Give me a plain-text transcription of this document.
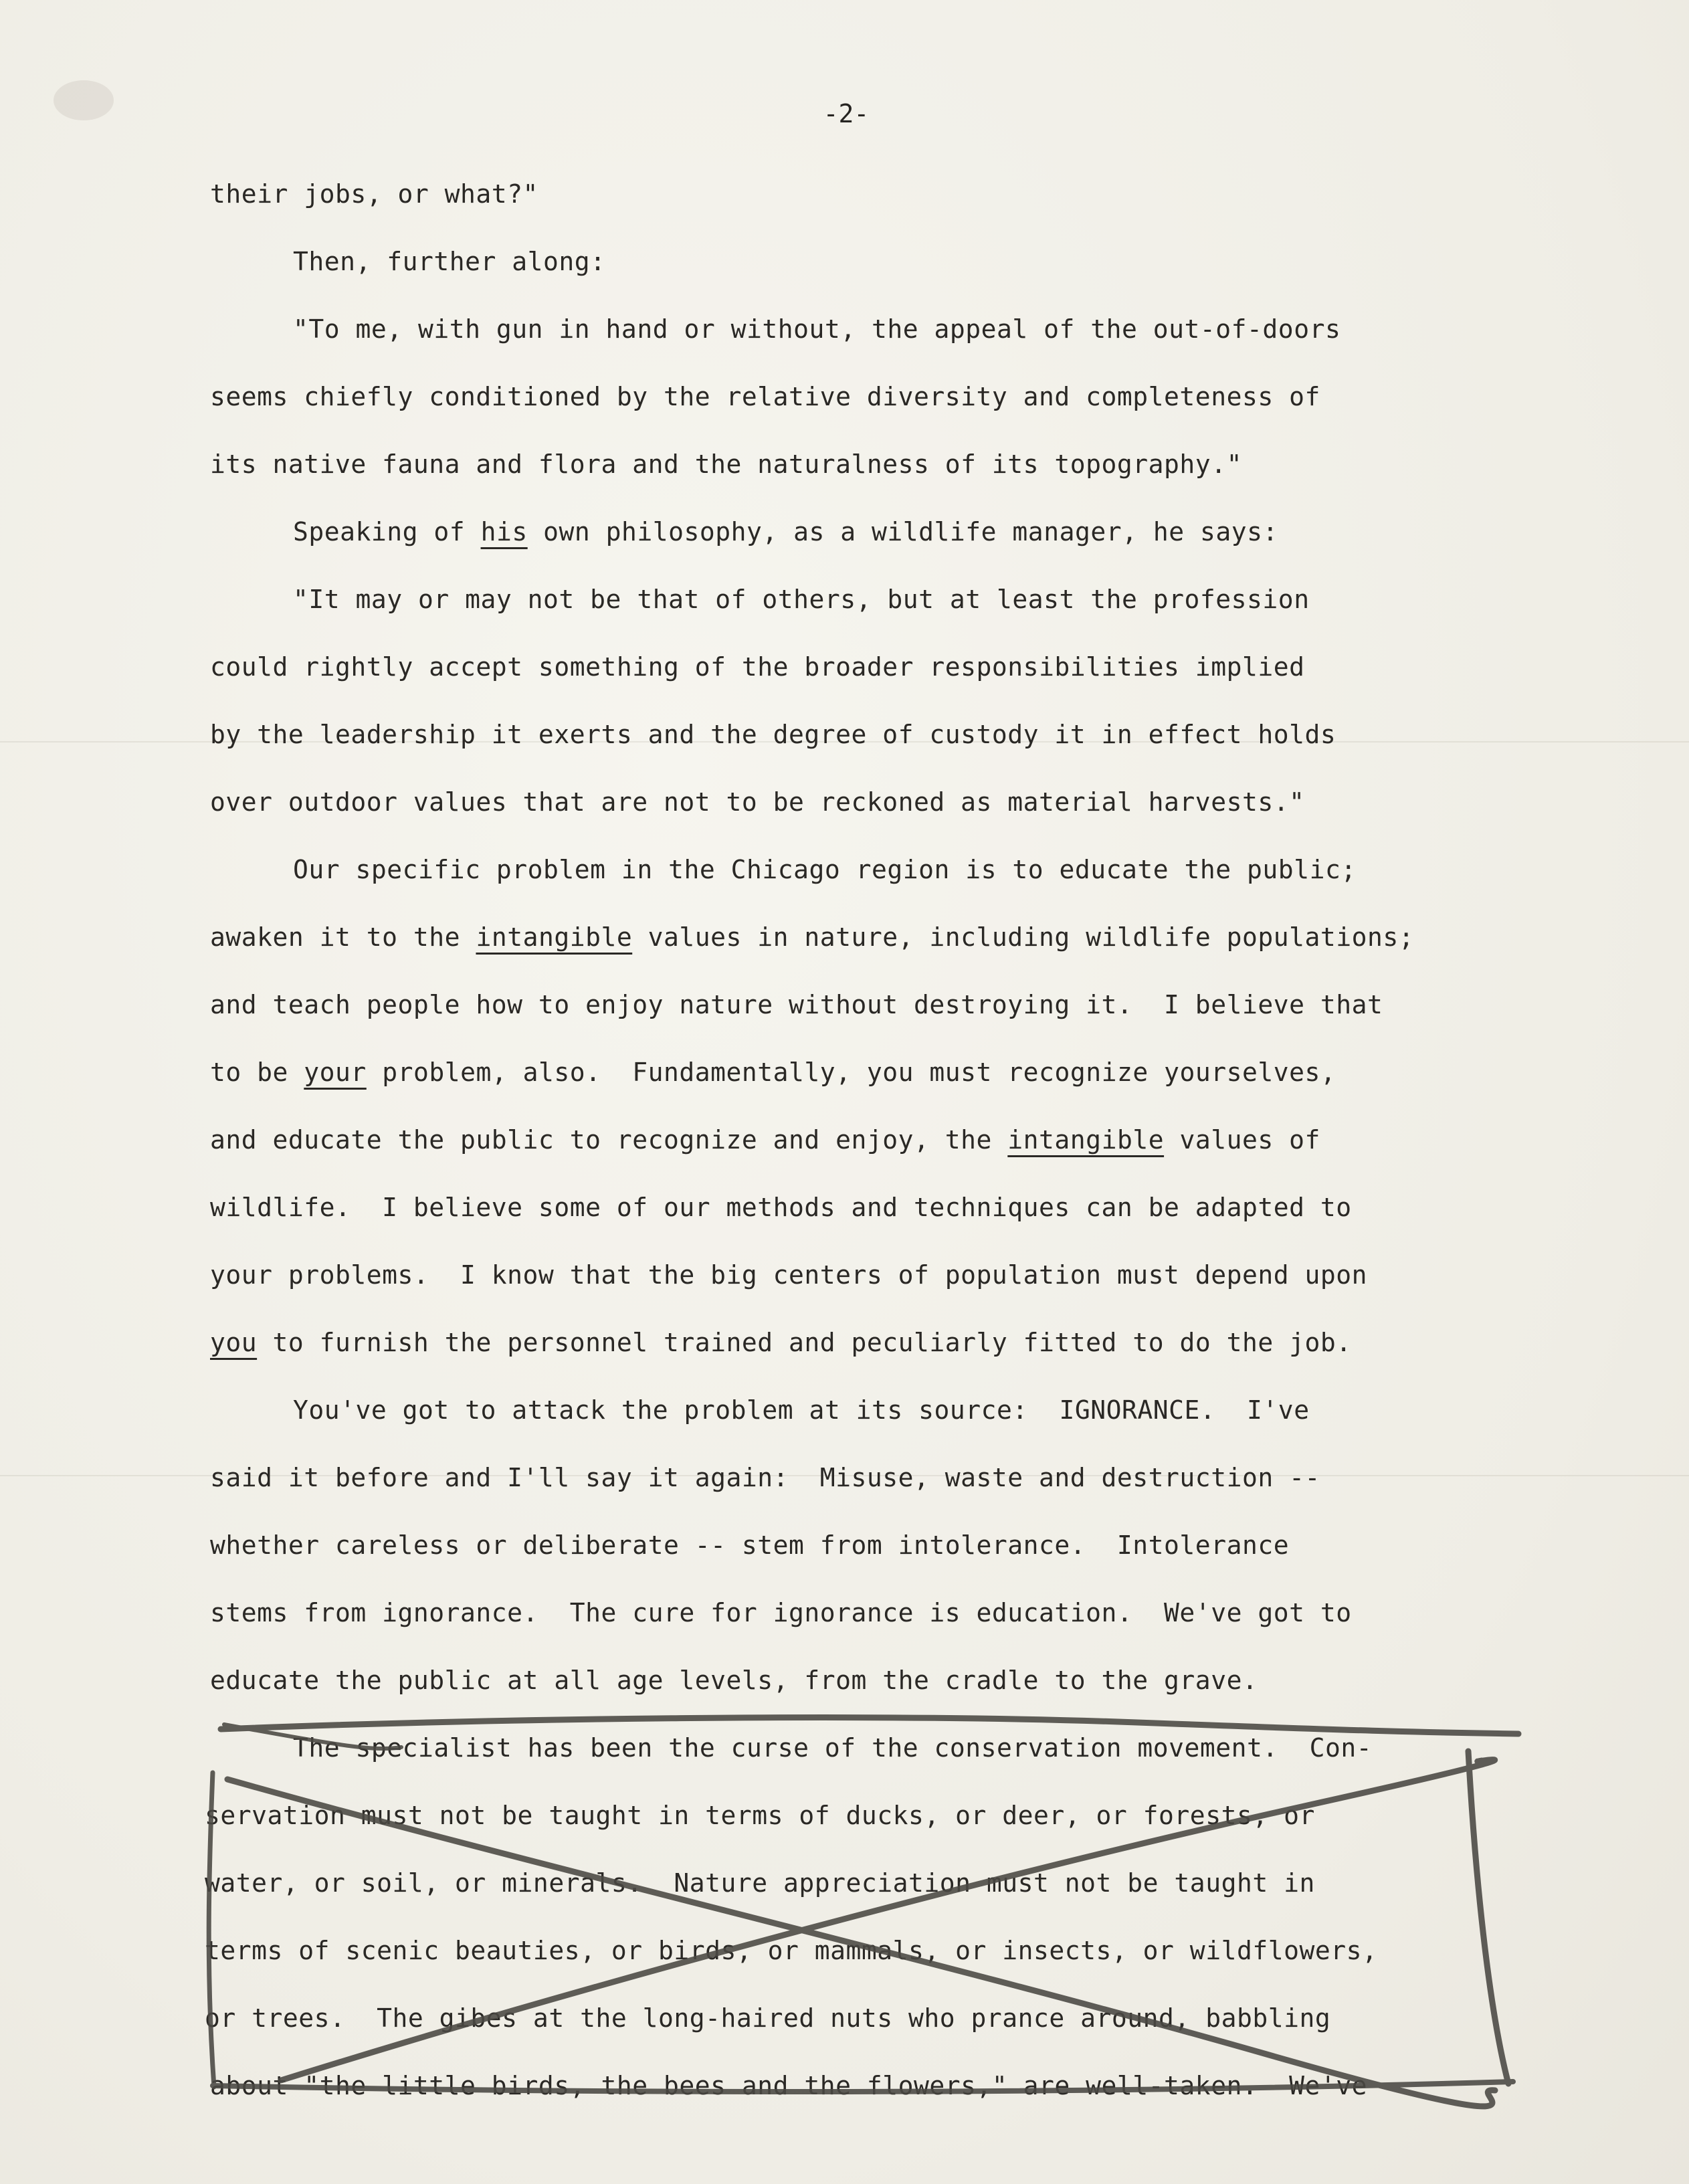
-2-
their jobs, or what?"
Then, further along:
"To me, with gun in hand or without, the appeal of the out-of-doors
seems chiefly conditioned by the relative diversity and completeness of
its native fauna and flora and the naturalness of its topography."
Speaking of his own philosophy, as a wildlife manager, he says:
"It may or may not be that of others, but at least the profession
could rightly accept something of the broader responsibilities implied
by the leadership it exerts and the degree of custody it in effect holds
over outdoor values that are not to be reckoned as material harvests."
Our specific problem in the Chicago region is to educate the public;
awaken it to the intangible values in nature, including wildlife populations;
and teach people how to enjoy nature without destroying it.  I believe that
to be your problem, also.  Fundamentally, you must recognize yourselves,
and educate the public to recognize and enjoy, the intangible values of
wildlife.  I believe some of our methods and techniques can be adapted to
your problems.  I know that the big centers of population must depend upon
you to furnish the personnel trained and peculiarly fitted to do the job.
You've got to attack the problem at its source:  IGNORANCE.  I've
said it before and I'll say it again:  Misuse, waste and destruction --
whether careless or deliberate -- stem from intolerance.  Intolerance
stems from ignorance.  The cure for ignorance is education.  We've got to
educate the public at all age levels, from the cradle to the grave.
The specialist has been the curse of the conservation movement.  Con-
servation must not be taught in terms of ducks, or deer, or forests, or
water, or soil, or minerals.  Nature appreciation must not be taught in
terms of scenic beauties, or birds, or mammals, or insects, or wildflowers,
or trees.  The gibes at the long-haired nuts who prance around, babbling
about "the little birds, the bees and the flowers," are well-taken.  We've
